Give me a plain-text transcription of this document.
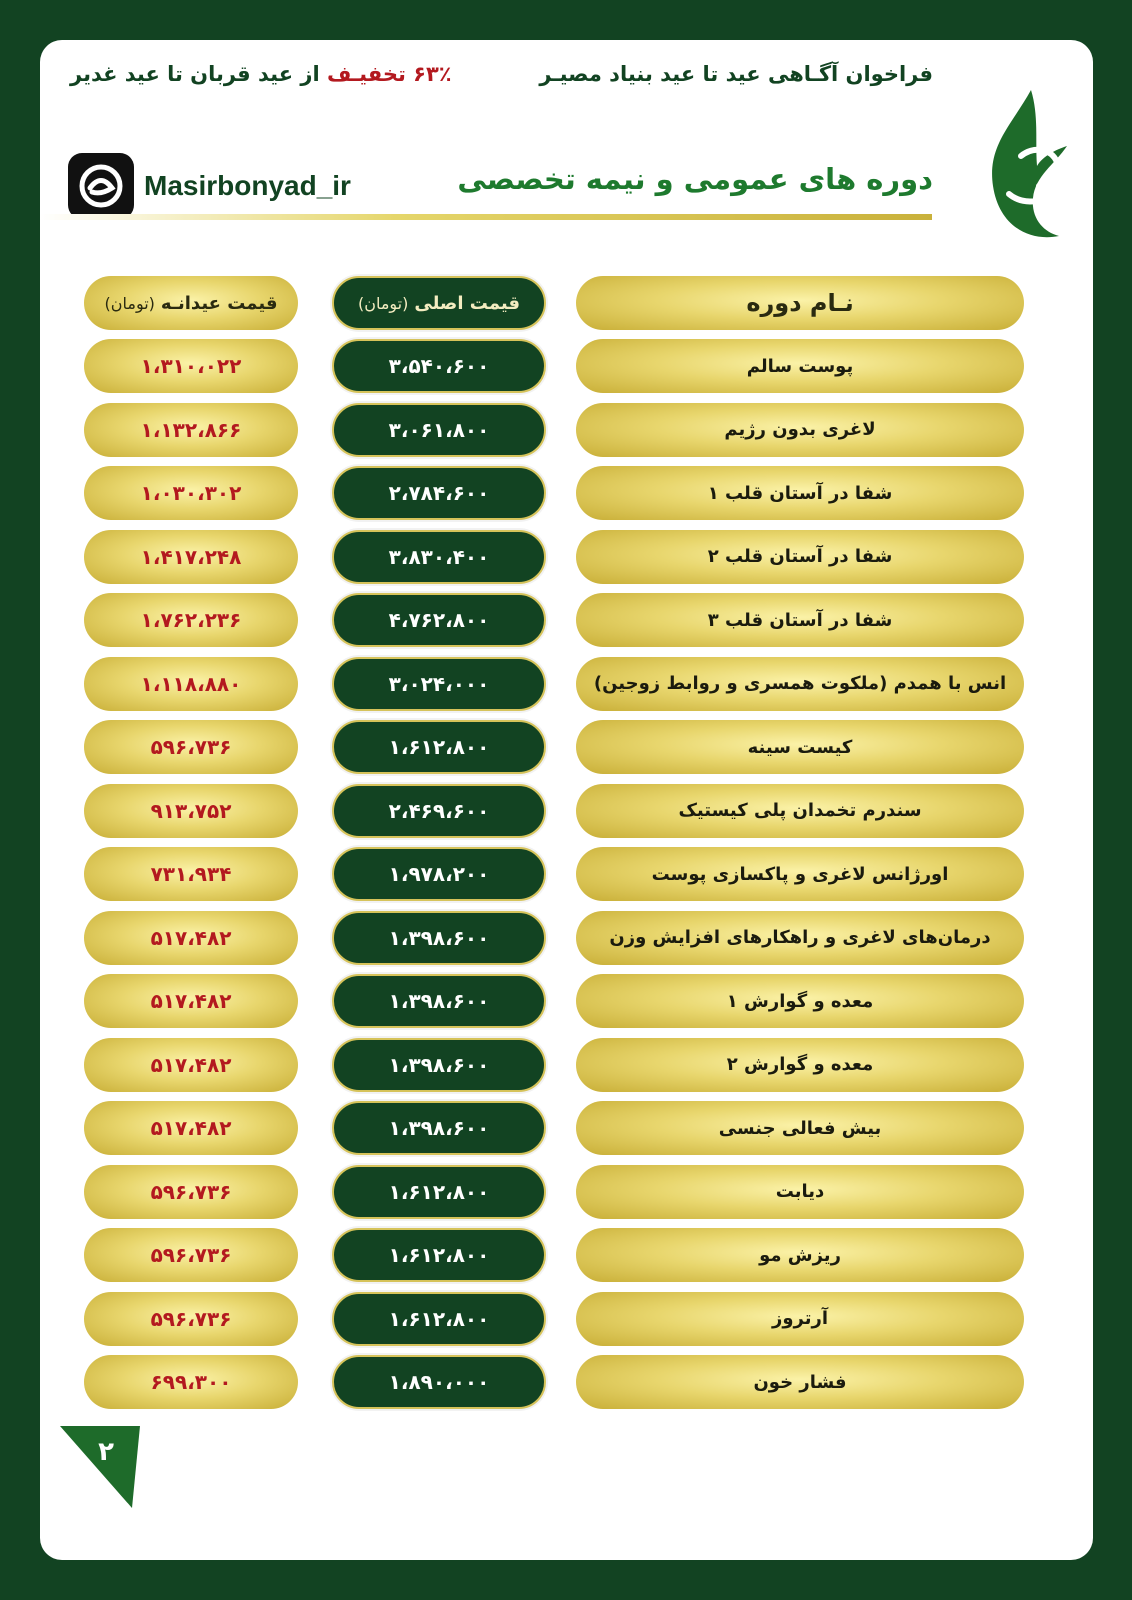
فراخوان آگـاهی عید تا عید بنیاد مصیـر
۶۳٪ تخفیـف از عید قربان تا عید غدیر
دوره های عمومی و نیمه تخصصی
Masirbonyad_ir
نـام دوره
قیمت اصلی
(تومان)
قیمت عیدانـه
(تومان)
پوست سالم
۳،۵۴۰،۶۰۰
۱،۳۱۰،۰۲۲
لاغری بدون رژیم
۳،۰۶۱،۸۰۰
۱،۱۳۲،۸۶۶
شفا در آستان قلب ۱
۲،۷۸۴،۶۰۰
۱،۰۳۰،۳۰۲
شفا در آستان قلب ۲
۳،۸۳۰،۴۰۰
۱،۴۱۷،۲۴۸
شفا در آستان قلب ۳
۴،۷۶۲،۸۰۰
۱،۷۶۲،۲۳۶
انس با همدم (ملکوت همسری و روابط زوجین)
۳،۰۲۴،۰۰۰
۱،۱۱۸،۸۸۰
کیست سینه
۱،۶۱۲،۸۰۰
۵۹۶،۷۳۶
سندرم تخمدان پلی کیستیک
۲،۴۶۹،۶۰۰
۹۱۳،۷۵۲
اورژانس لاغری و پاکسازی پوست
۱،۹۷۸،۲۰۰
۷۳۱،۹۳۴
درمان‌های لاغری و راهکارهای افزایش وزن
۱،۳۹۸،۶۰۰
۵۱۷،۴۸۲
معده و گوارش ۱
۱،۳۹۸،۶۰۰
۵۱۷،۴۸۲
معده و گوارش ۲
۱،۳۹۸،۶۰۰
۵۱۷،۴۸۲
بیش فعالی جنسی
۱،۳۹۸،۶۰۰
۵۱۷،۴۸۲
دیابت
۱،۶۱۲،۸۰۰
۵۹۶،۷۳۶
ریزش مو
۱،۶۱۲،۸۰۰
۵۹۶،۷۳۶
آرتروز
۱،۶۱۲،۸۰۰
۵۹۶،۷۳۶
فشار خون
۱،۸۹۰،۰۰۰
۶۹۹،۳۰۰
۲
